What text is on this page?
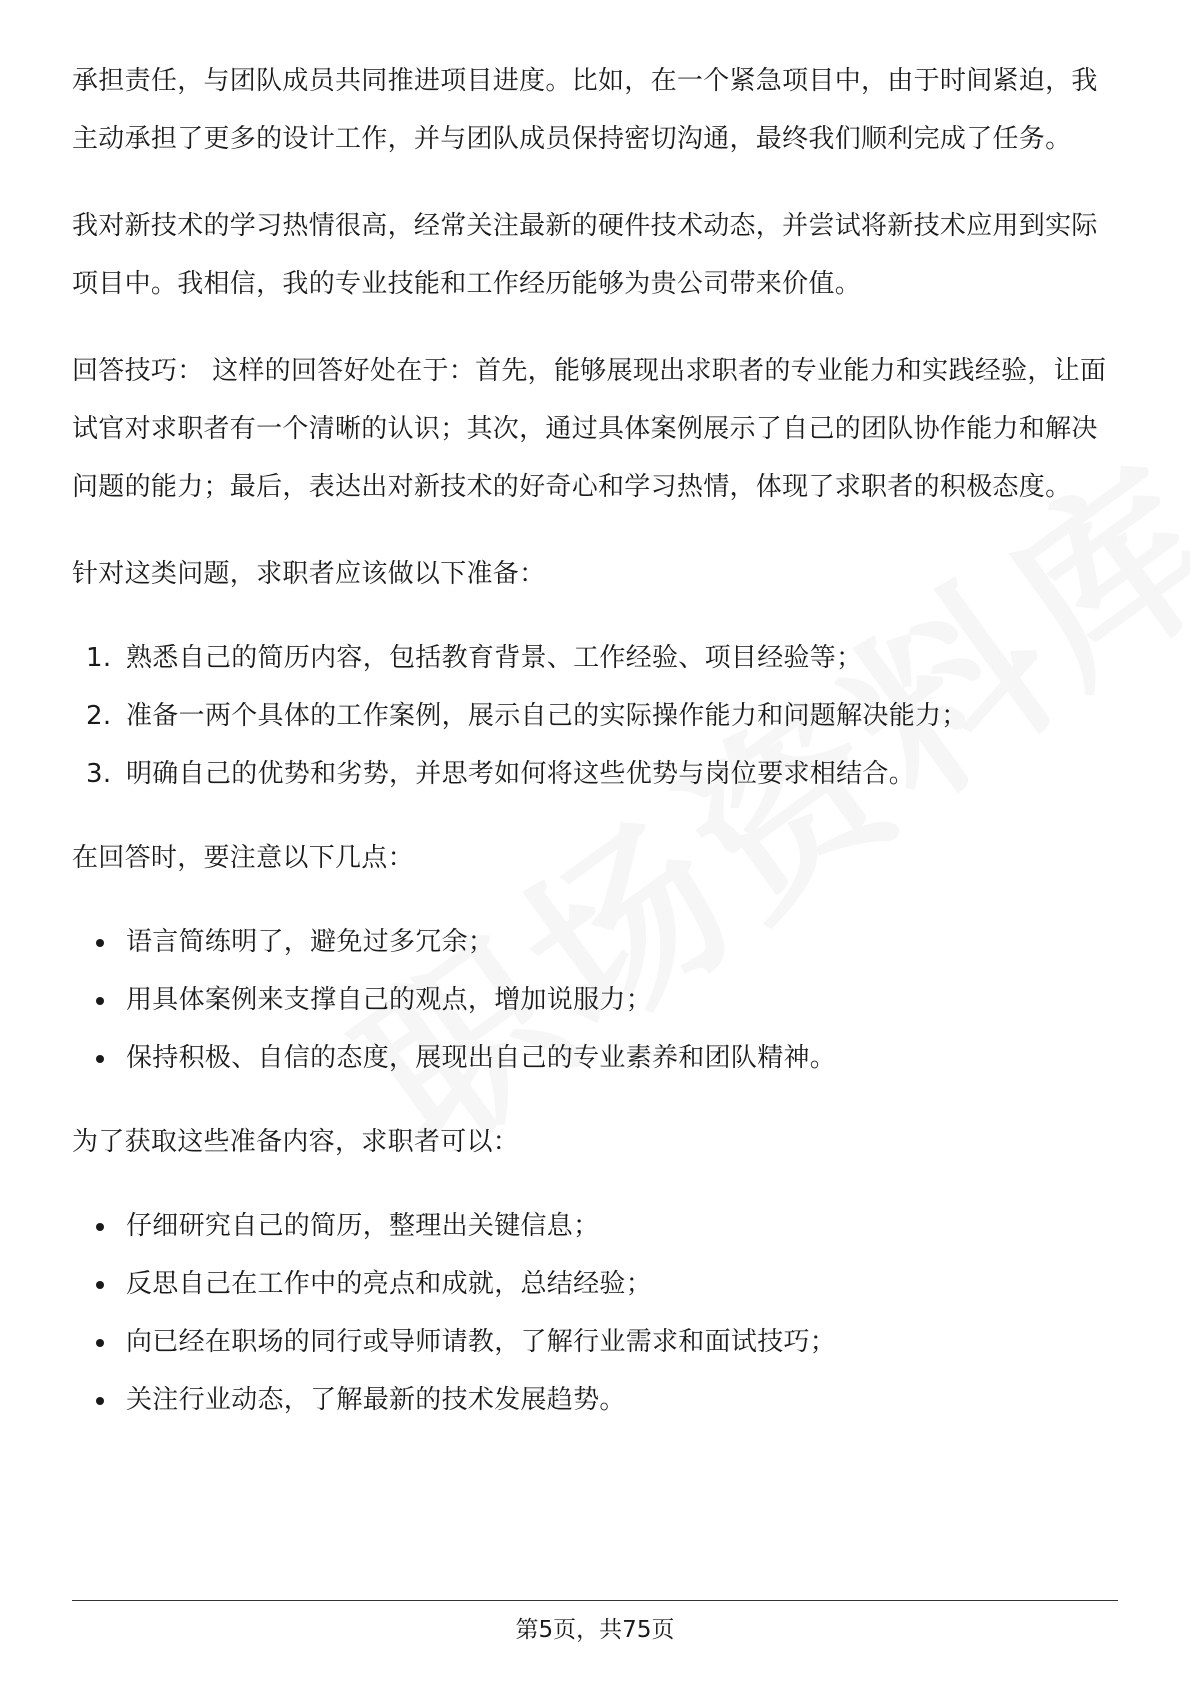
承担责任，与团队成员共同推进项目进度。比如，在一个紧急项目中，由于时间紧迫，我主动承担了更多的设计工作，并与团队成员保持密切沟通，最终我们顺利完成了任务。

我对新技术的学习热情很高，经常关注最新的硬件技术动态，并尝试将新技术应用到实际项目中。我相信，我的专业技能和工作经历能够为贵公司带来价值。

回答技巧： 这样的回答好处在于：首先，能够展现出求职者的专业能力和实践经验，让面试官对求职者有一个清晰的认识；其次，通过具体案例展示了自己的团队协作能力和解决问题的能力；最后，表达出对新技术的好奇心和学习热情，体现了求职者的积极态度。

针对这类问题，求职者应该做以下准备：

1. 熟悉自己的简历内容，包括教育背景、工作经验、项目经验等；
2. 准备一两个具体的工作案例，展示自己的实际操作能力和问题解决能力；
3. 明确自己的优势和劣势，并思考如何将这些优势与岗位要求相结合。

在回答时，要注意以下几点：

语言简练明了，避免过多冗余；
用具体案例来支撑自己的观点，增加说服力；
保持积极、自信的态度，展现出自己的专业素养和团队精神。

为了获取这些准备内容，求职者可以：

仔细研究自己的简历，整理出关键信息；
反思自己在工作中的亮点和成就，总结经验；
向已经在职场的同行或导师请教，了解行业需求和面试技巧；
关注行业动态，了解最新的技术发展趋势。
第5页，共75页
